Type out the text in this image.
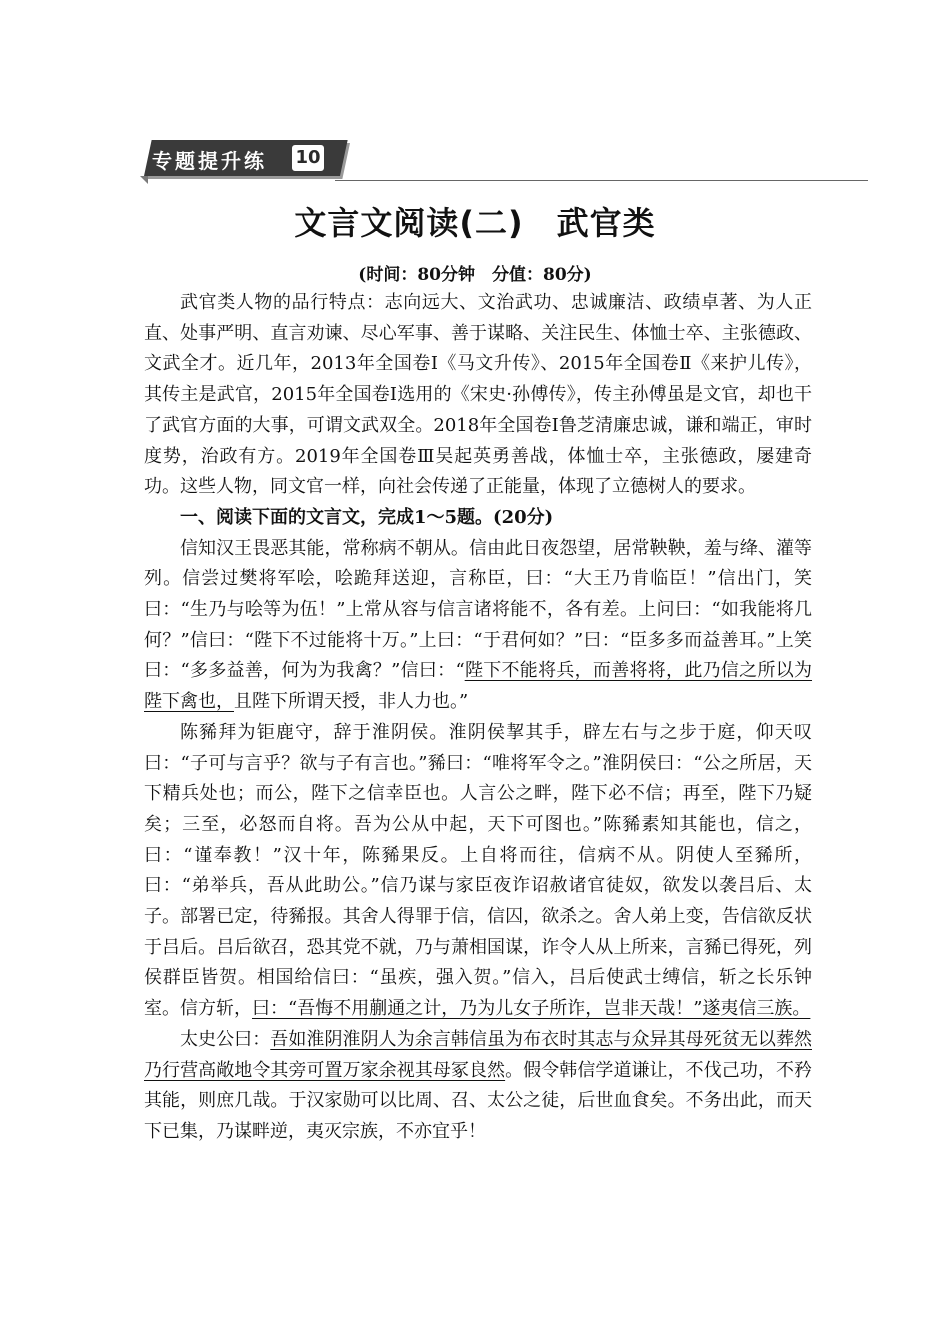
专题提升练 10
文言文阅读(二)　武官类
(时间：80分钟　分值：80分)

武官类人物的品行特点：志向远大、文治武功、忠诚廉洁、政绩卓著、为人正直、处事严明、直言劝谏、尽心军事、善于谋略、关注民生、体恤士卒、主张德政、文武全才。近几年，2013年全国卷Ⅰ《马文升传》、2015年全国卷Ⅱ《来护儿传》，其传主是武官，2015年全国卷Ⅰ选用的《宋史·孙傅传》，传主孙傅虽是文官，却也干了武官方面的大事，可谓文武双全。2018年全国卷Ⅰ鲁芝清廉忠诚，谦和端正，审时度势，治政有方。2019年全国卷Ⅲ吴起英勇善战，体恤士卒，主张德政，屡建奇功。这些人物，同文官一样，向社会传递了正能量，体现了立德树人的要求。

一、阅读下面的文言文，完成1～5题。(20分)

信知汉王畏恶其能，常称病不朝从。信由此日夜怨望，居常鞅鞅，羞与绛、灌等列。信尝过樊将军哙，哙跪拜送迎，言称臣，曰：“大王乃肯临臣！”信出门，笑曰：“生乃与哙等为伍！”上常从容与信言诸将能不，各有差。上问曰：“如我能将几何？”信曰：“陛下不过能将十万。”上曰：“于君何如？”曰：“臣多多而益善耳。”上笑曰：“多多益善，何为为我禽？”信曰：“陛下不能将兵，而善将将，此乃信之所以为陛下禽也，且陛下所谓天授，非人力也。”

陈豨拜为钜鹿守，辞于淮阴侯。淮阴侯挈其手，辟左右与之步于庭，仰天叹曰：“子可与言乎？欲与子有言也。”豨曰：“唯将军令之。”淮阴侯曰：“公之所居，天下精兵处也；而公，陛下之信幸臣也。人言公之畔，陛下必不信；再至，陛下乃疑矣；三至，必怒而自将。吾为公从中起，天下可图也。”陈豨素知其能也，信之，曰：“谨奉教！”汉十年，陈豨果反。上自将而往，信病不从。阴使人至豨所，曰：“弟举兵，吾从此助公。”信乃谋与家臣夜诈诏赦诸官徒奴，欲发以袭吕后、太子。部署已定，待豨报。其舍人得罪于信，信囚，欲杀之。舍人弟上变，告信欲反状于吕后。吕后欲召，恐其党不就，乃与萧相国谋，诈令人从上所来，言豨已得死，列侯群臣皆贺。相国给信曰：“虽疾，强入贺。”信入，吕后使武士缚信，斩之长乐钟室。信方斩，曰：“吾悔不用蒯通之计，乃为儿女子所诈，岂非天哉！”遂夷信三族。

太史公曰：吾如淮阴淮阴人为余言韩信虽为布衣时其志与众异其母死贫无以葬然乃行营高敞地令其旁可置万家余视其母冢良然。假令韩信学道谦让，不伐己功，不矜其能，则庶几哉。于汉家勋可以比周、召、太公之徒，后世血食矣。不务出此，而天下已集，乃谋畔逆，夷灭宗族，不亦宜乎！
